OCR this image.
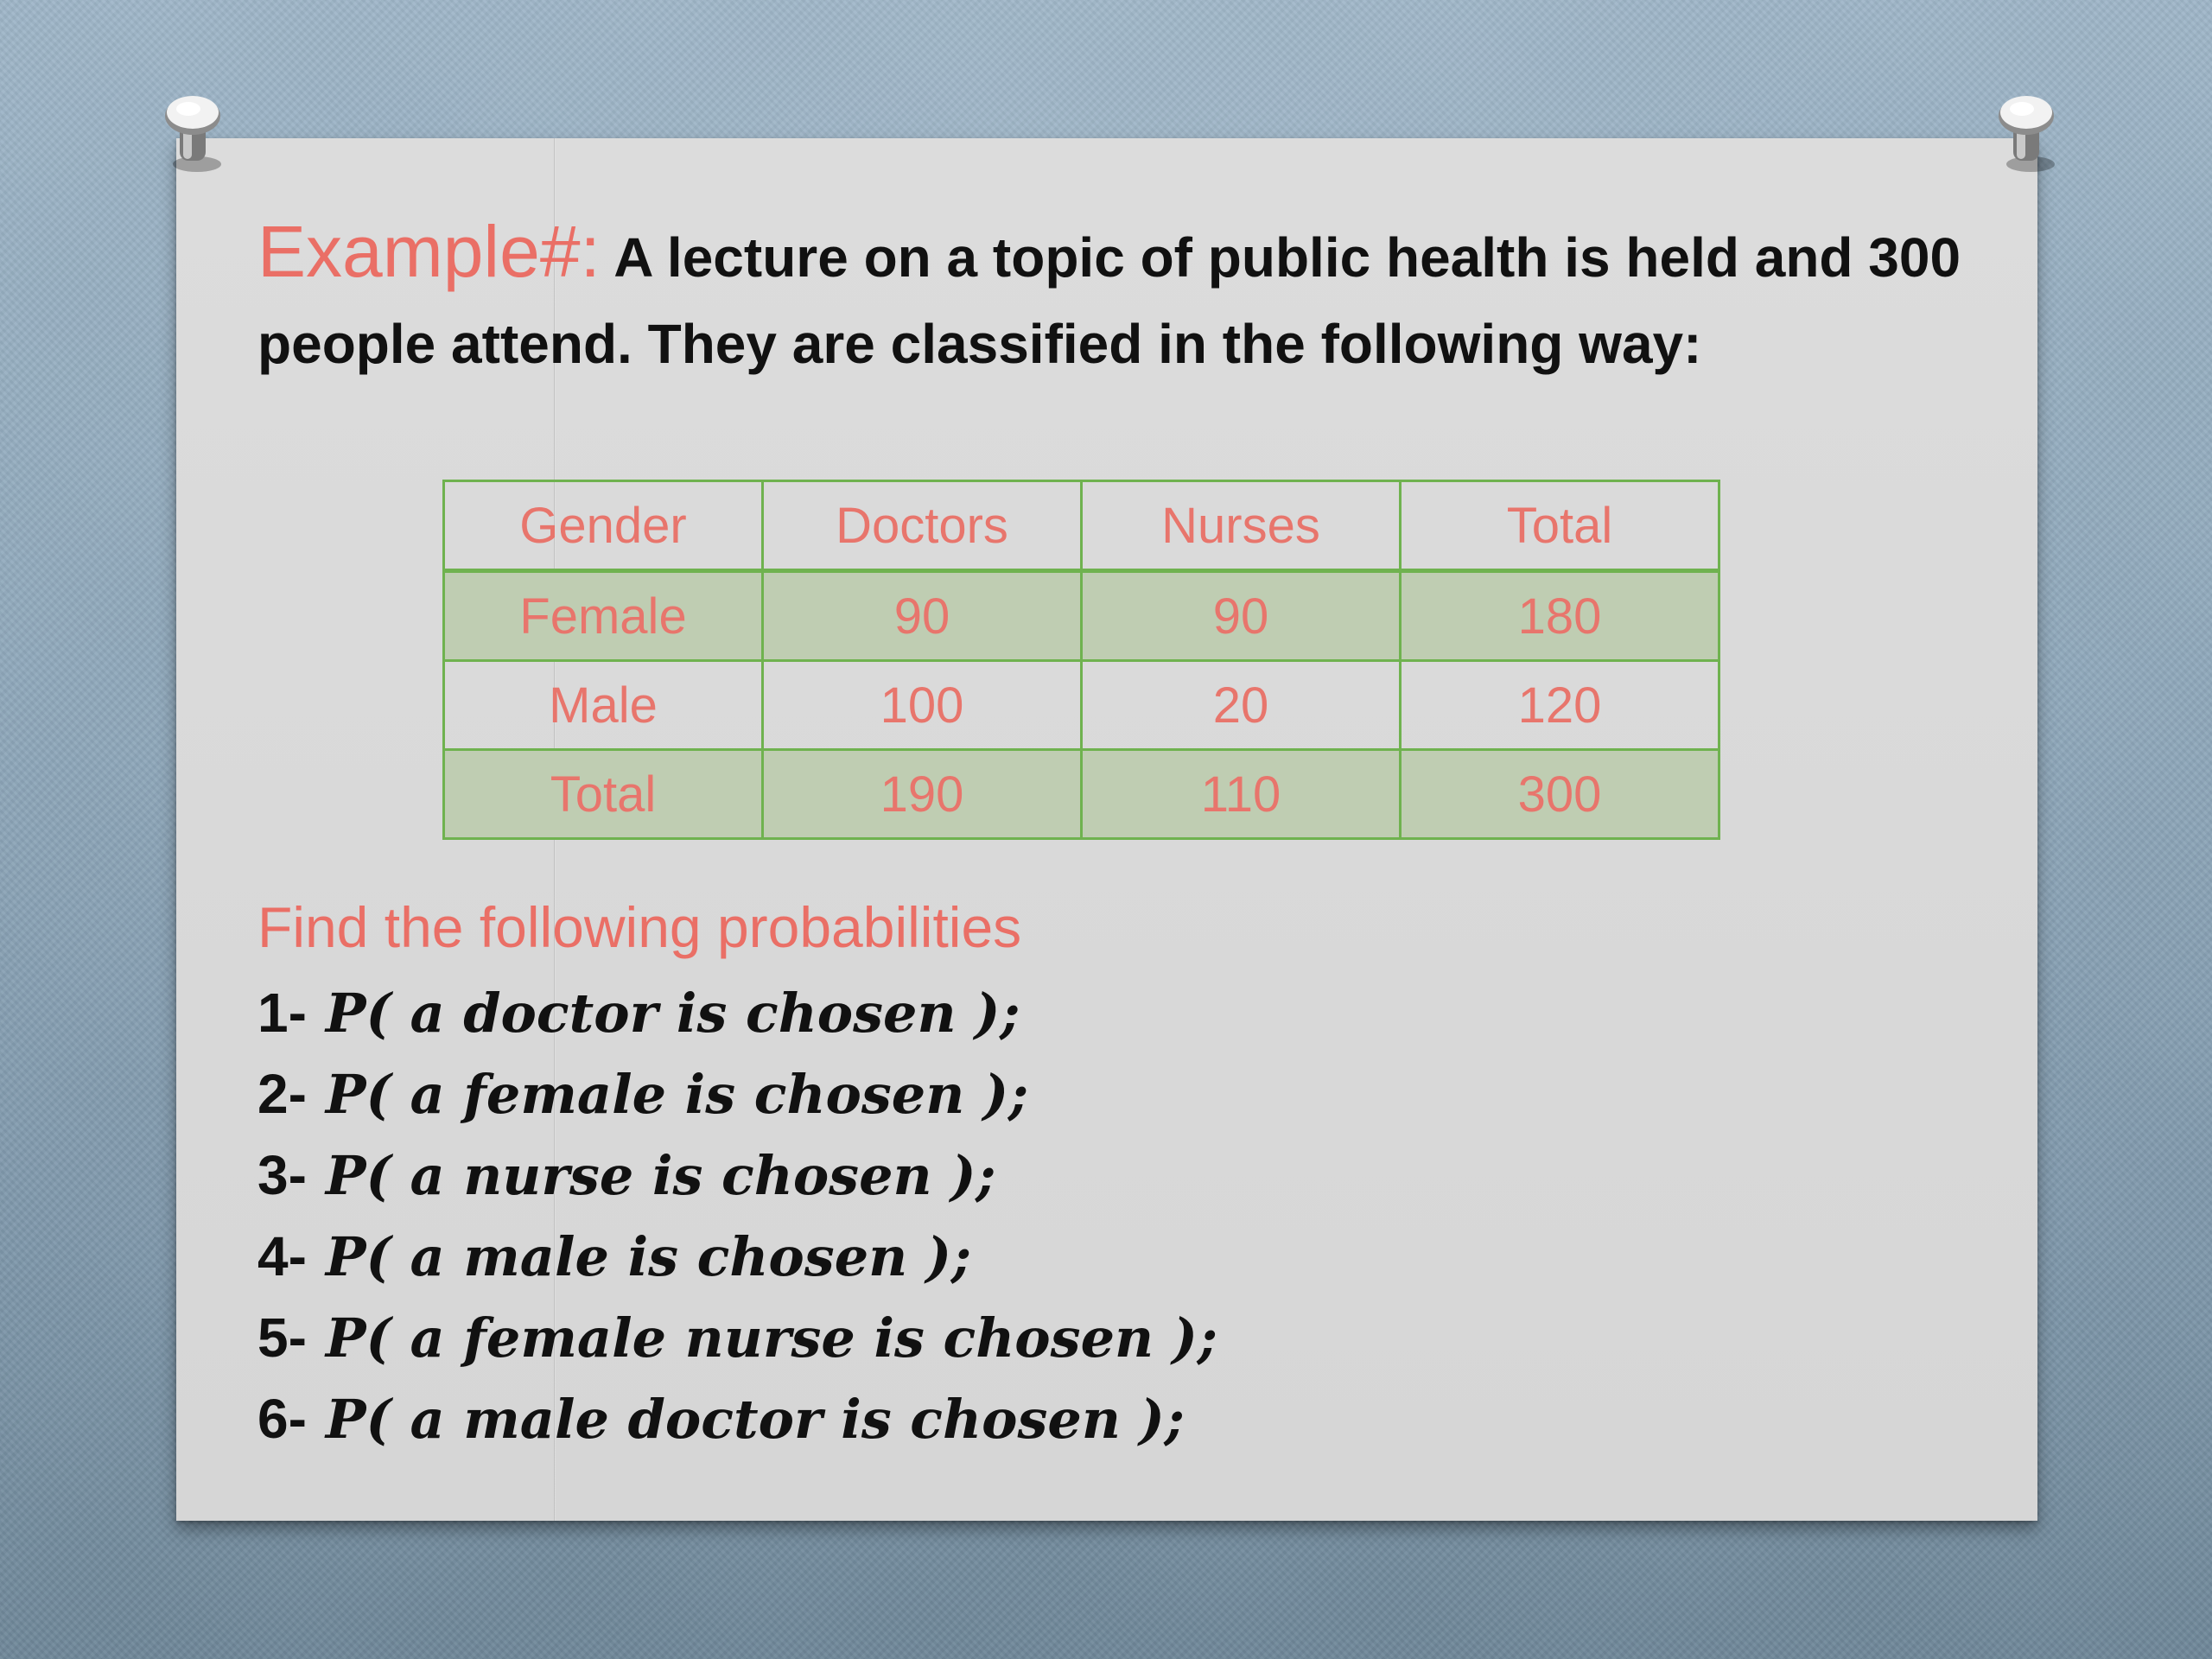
Example#: A lecture on a topic of public health is held and 300 people attend. They are classified in the following way:
Gender	Doctors	Nurses	Total
Female	90	90	180
Male	100	20	120
Total	190	110	300
Find the following probabilities
1- P( a doctor is chosen );
2- P( a female is chosen );
3- P( a nurse is chosen );
4- P( a male is chosen );
5- P( a female nurse is chosen );
6- P( a male doctor is chosen );
